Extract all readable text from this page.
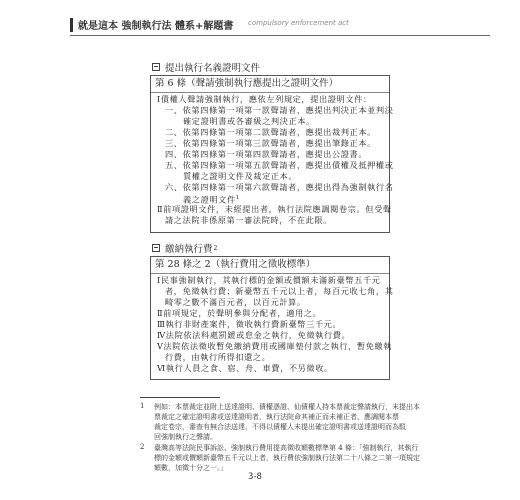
就是這本 強制執行法 體系+解題書 compulsory enforcement act
提出執行名義證明文件
第 6 條（聲請強制執行應提出之證明文件）
Ⅰ債權人聲請強制執行，應依左列規定，提出證明文件：
一、依第四條第一項第一款聲請者，應提出判決正本並判決
確定證明書或各審級之判決正本。
二、依第四條第一項第二款聲請者，應提出裁判正本。
三、依第四條第一項第三款聲請者，應提出筆錄正本。
四、依第四條第一項第四款聲請者，應提出公證書。
五、依第四條第一項第五款聲請者，應提出債權及抵押權或
質權之證明文件及裁定正本。
六、依第四條第一項第六款聲請者，應提出得為強制執行名
義之證明文件$^1$
Ⅱ前項證明文件，未經提出者，執行法院應調閱卷宗。但受聲
請之法院非係原第一審法院時，不在此限。
繳納執行費 2
第 28 條之 2（執行費用之徵收標準）
Ⅰ民事強制執行，其執行標的金額或價額未滿新臺幣五千元
者，免徵執行費；新臺幣五千元以上者，每百元收七角，其
畸零之數不滿百元者，以百元計算。
Ⅱ前項規定，於聲明參與分配者，適用之。
Ⅲ執行非財產案件，徵收執行費新臺幣三千元。
Ⅳ法院依法科處罰鍰或怠金之執行，免徵執行費。
Ⅴ法院依法徵收暫免繳納費用或國庫墊付款之執行，暫免繳執
行費，由執行所得扣還之。
Ⅵ執行人員之食、宿、舟、車費，不另徵收。
1 例如：本票裁定並附上送達證明、債權憑證、仙債權人持本票裁定聲請執行，未提出本
票裁定之確定證明書或送達證明者，執行法院命其補正而未補正者，應調閱本票
裁定卷宗，審查有無合法送達，不得以債權人未提出確定證明書或送達證明而為駁
回強制執行之聲請。
2 臺灣高等法院民事訴訟、強制執行費用提高徵收額數標準第 4 條：「強制執行，其執行
標的金額或價額新臺幣五千元以上者，執行費依強制執行法第二十八條之二第一項規定
額數，加徵十分之一。」
3-8
